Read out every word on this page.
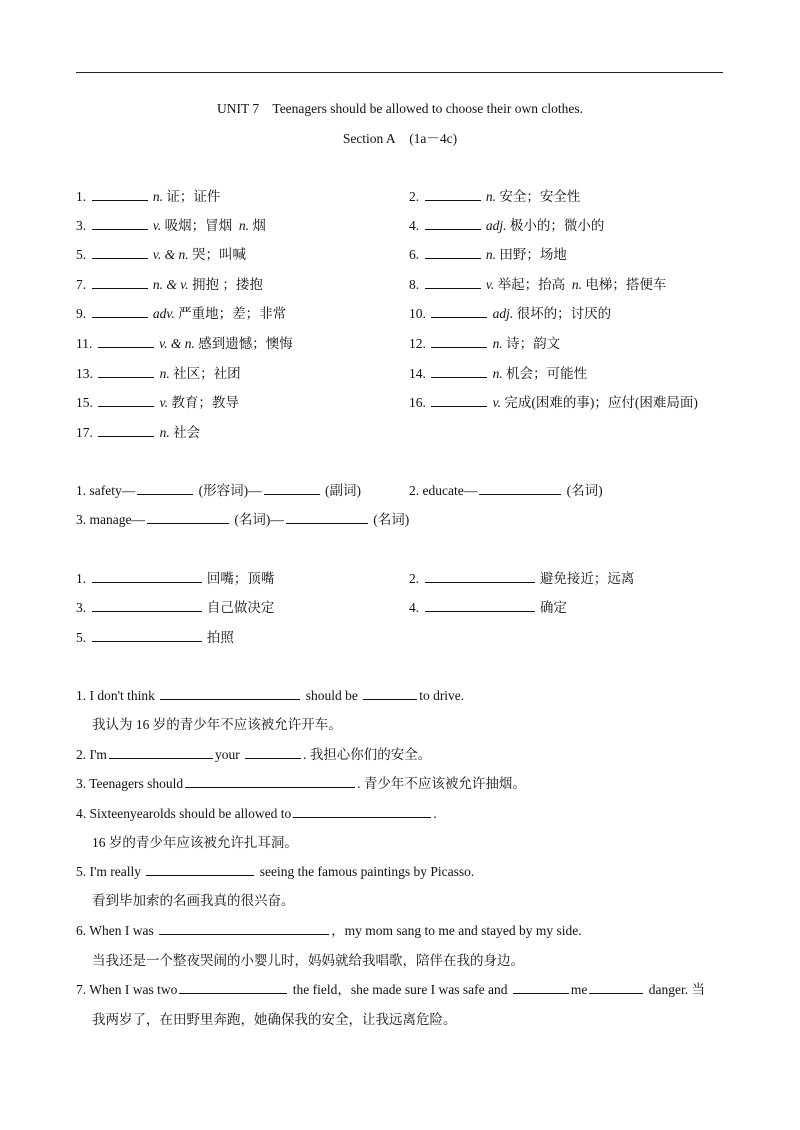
UNIT 7 Teenagers should be allowed to choose their own clothes.
Section A (1a－4c)
1.	n. 证；证件	2.	n. 安全；安全性
3.	v. 吸烟；冒烟 n. 烟	4.	adj. 极小的；微小的
5.	v. & n. 哭；叫喊	6.	n. 田野；场地
7.	n. & v. 拥抱 ；搂抱	8.	v. 举起；抬高 n. 电梯；搭便车
9.	adv. 严重地；差；非常	10.	adj. 很坏的；讨厌的
11.	v. & n. 感到遗憾；懊悔	12.	n. 诗；韵文
13.	n. 社区；社团	14.	n. 机会；可能性
15.	v. 教育；教导	16.	v. 完成(困难的事)；应付(困难局面)
17.	n. 社会
1. safety—	(形容词)—	(副词)	2. educate—	(名词)
3. manage—	(名词)—	(名词)
1.	回嘴；顶嘴	2.	避免接近；远离
3.	自己做决定	4.	确定
5.	拍照
1. I don't think	should be	to drive.
我认为 16 岁的青少年不应该被允许开车。
2. I'm	your	. 我担心你们的安全。
3. Teenagers should	. 青少年不应该被允许抽烟。
4. Sixteenyearolds should be allowed to	.
16 岁的青少年应该被允许扎耳洞。
5. I'm really	seeing the famous paintings by Picasso.
看到毕加索的名画我真的很兴奋。
6. When I was	，my mom sang to me and stayed by my side.
当我还是一个整夜哭闹的小婴儿时，妈妈就给我唱歌，陪伴在我的身边。
7. When I was two	the field，she made sure I was safe and	me	danger. 当
我两岁了，在田野里奔跑，她确保我的安全，让我远离危险。
